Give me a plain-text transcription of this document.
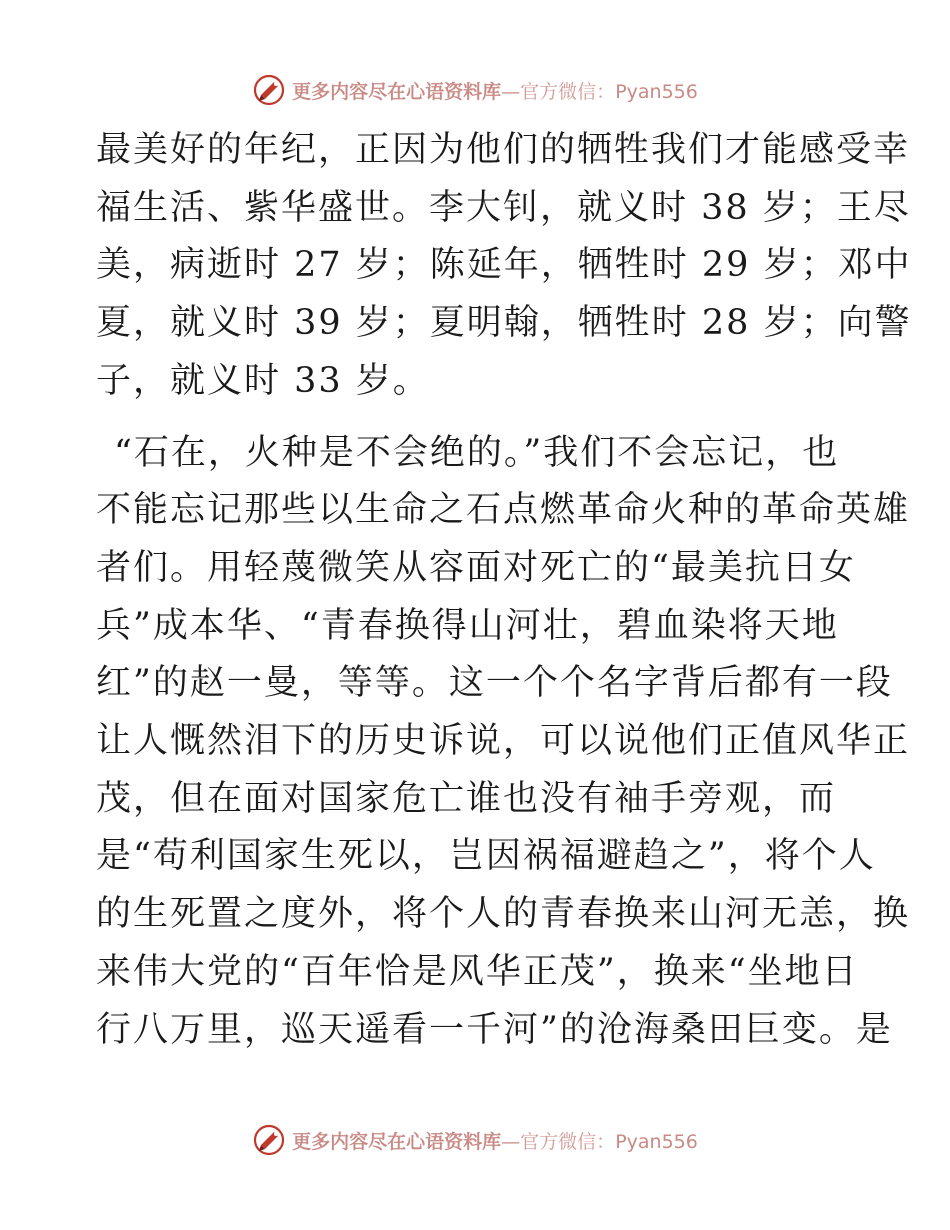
更多内容尽在心语资料库—官方微信：Pyan556

最美好的年纪，正因为他们的牺牲我们才能感受幸
福生活、紫华盛世。李大钊，就义时 38 岁；王尽
美，病逝时 27 岁；陈延年，牺牲时 29 岁；邓中
夏，就义时 39 岁；夏明翰，牺牲时 28 岁；向警
子，就义时 33 岁。

“石在，火种是不会绝的。”我们不会忘记，也
不能忘记那些以生命之石点燃革命火种的革命英雄
者们。用轻蔑微笑从容面对死亡的“最美抗日女
兵”成本华、“青春换得山河壮，碧血染将天地
红”的赵一曼，等等。这一个个名字背后都有一段
让人慨然泪下的历史诉说，可以说他们正值风华正
茂，但在面对国家危亡谁也没有袖手旁观，而
是“苟利国家生死以，岂因祸福避趋之”，将个人
的生死置之度外，将个人的青春换来山河无恙，换
来伟大党的“百年恰是风华正茂”，换来“坐地日
行八万里，巡天遥看一千河”的沧海桑田巨变。是

更多内容尽在心语资料库—官方微信：Pyan556
